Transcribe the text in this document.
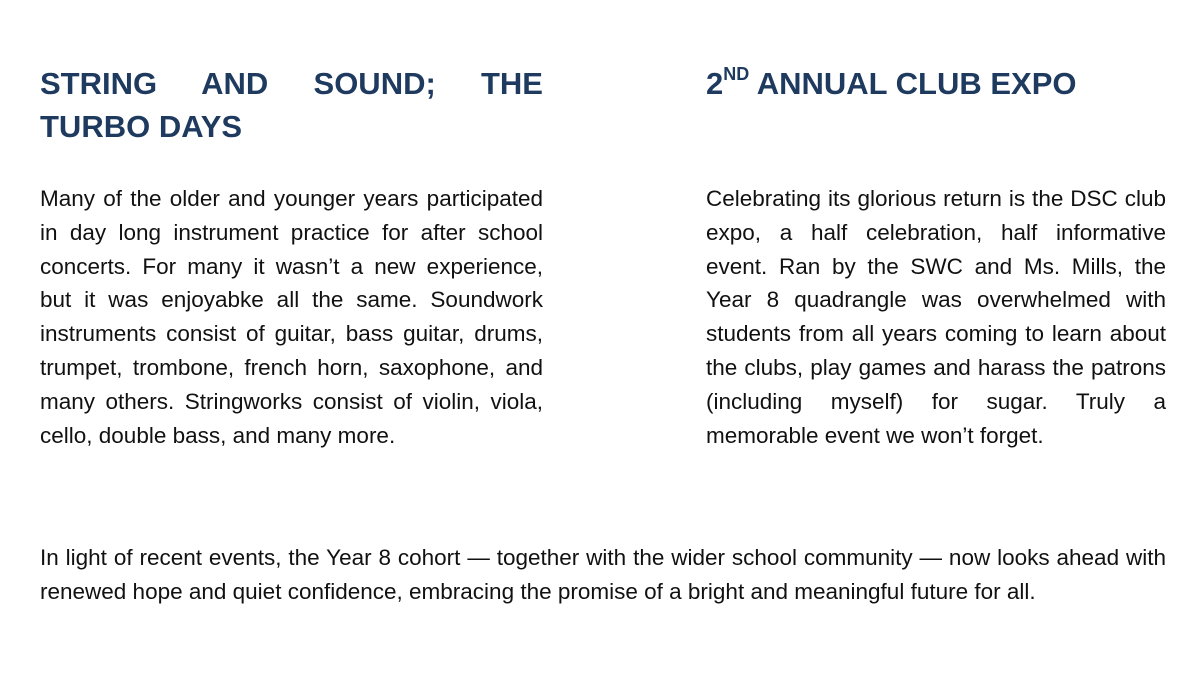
STRING AND SOUND; THE TURBO DAYS

Many of the older and younger years participated in day long instrument practice for after school concerts. For many it wasn’t a new experience, but it was enjoyabke all the same. Soundwork instruments consist of guitar, bass guitar, drums, trumpet, trombone, french horn, saxophone, and many others. Stringworks consist of violin, viola, cello, double bass, and many more.

2ND ANNUAL CLUB EXPO

Celebrating its glorious return is the DSC club expo, a half celebration, half informative event. Ran by the SWC and Ms. Mills, the Year 8 quadrangle was overwhelmed with students from all years coming to learn about the clubs, play games and harass the patrons (including myself) for sugar. Truly a memorable event we won’t forget.

In light of recent events, the Year 8 cohort — together with the wider school community — now looks ahead with renewed hope and quiet confidence, embracing the promise of a bright and meaningful future for all.
